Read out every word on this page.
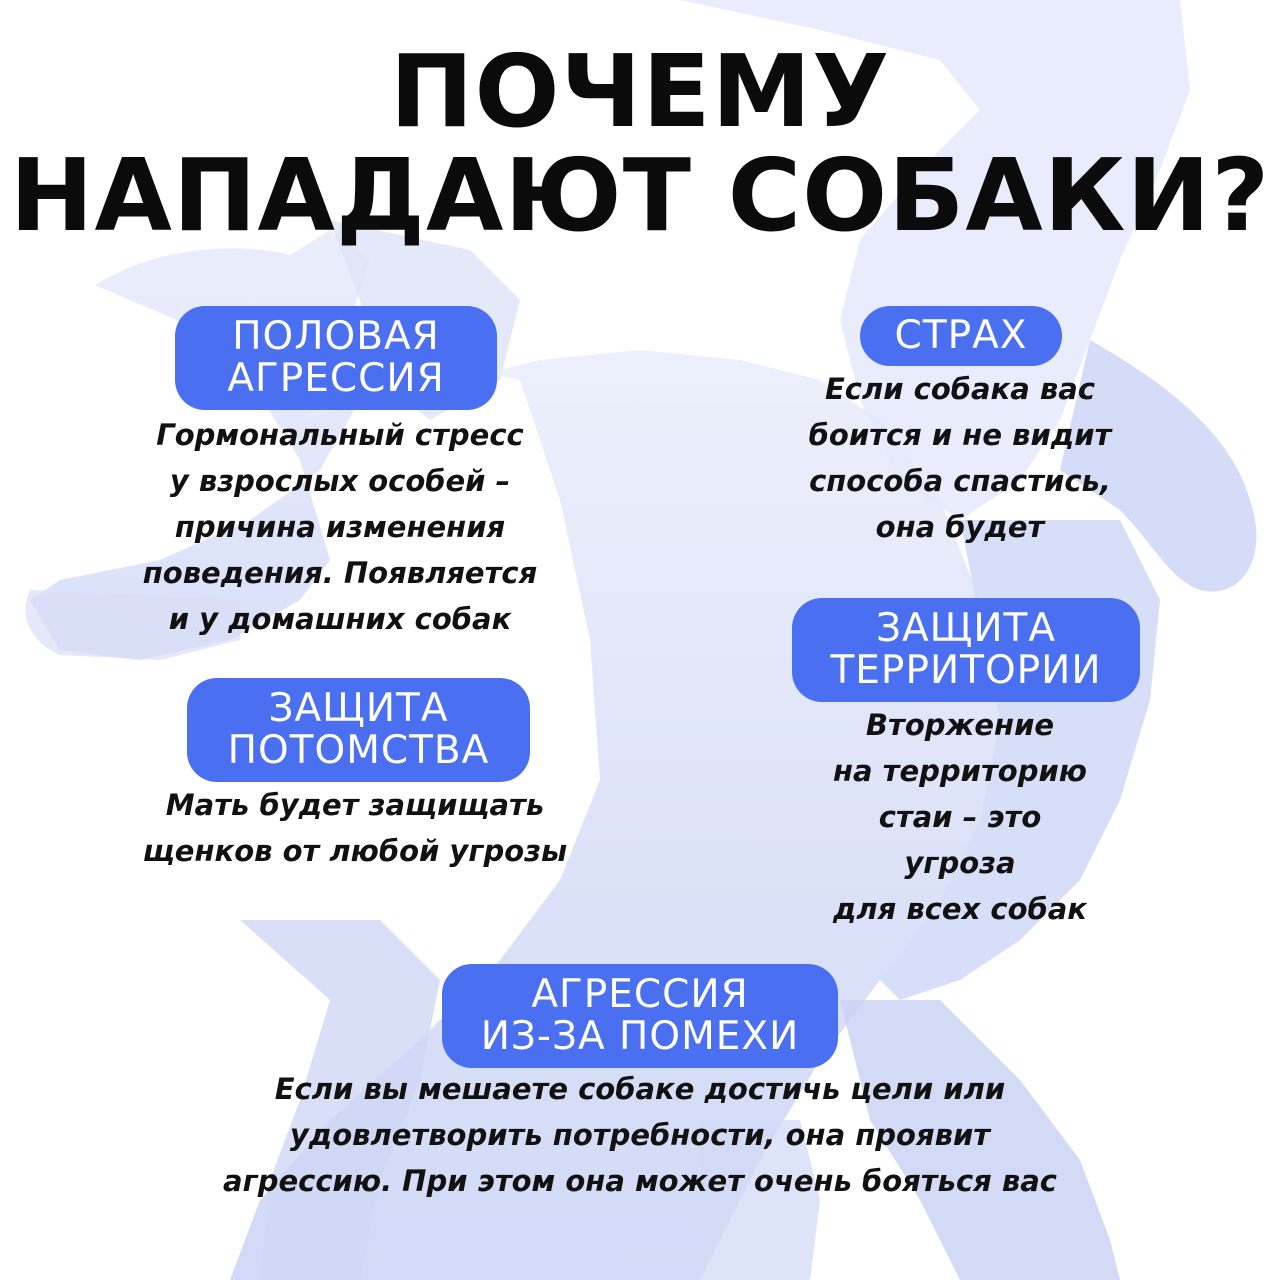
ПОЧЕМУ
НАПАДАЮТ СОБАКИ?
ПОЛОВАЯ
АГРЕССИЯ
Гормональный стресс
у взрослых особей –
причина изменения
поведения. Появляется
и у домашних собак
СТРАХ
Если собака вас
боится и не видит
способа спастись,
она будет
ЗАЩИТА
ПОТОМСТВА
Мать будет защищать
щенков от любой угрозы
ЗАЩИТА
ТЕРРИТОРИИ
Вторжение
на территорию
стаи – это
угроза
для всех собак
АГРЕССИЯ
ИЗ-ЗА ПОМЕХИ
Если вы мешаете собаке достичь цели или
удовлетворить потребности, она проявит
агрессию. При этом она может очень бояться вас
